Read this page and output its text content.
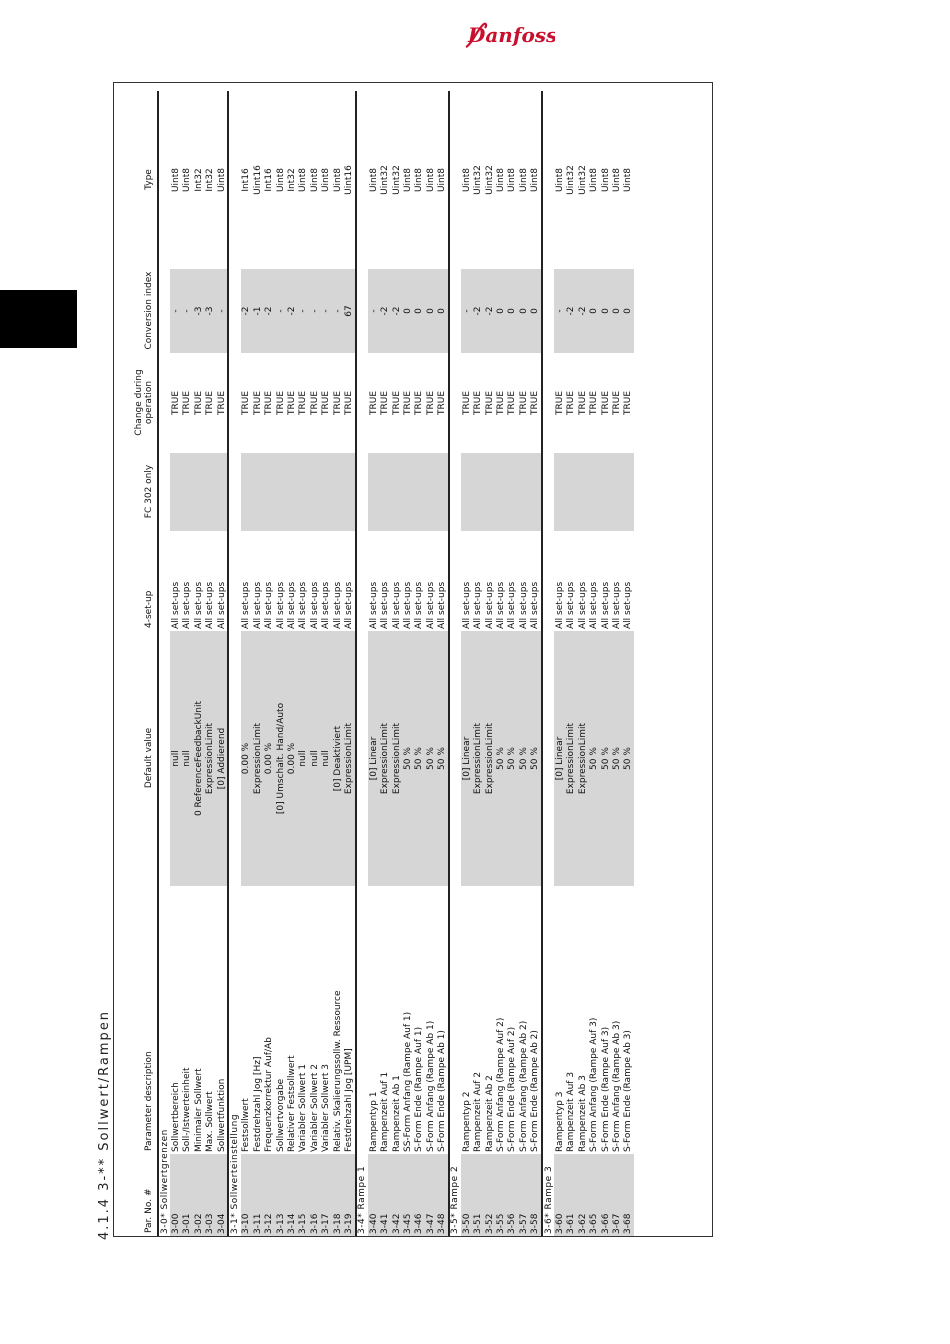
Danfoss
4.1.4 3-** Sollwert/Rampen	Par. No. #	Parameter description	Default value	4-set-up	FC 302 only	Change during operation	Conversion index	Type
3-0* Sollwertgrenzen							
3-00	Sollwertbereich	null	All set-ups		TRUE	-	Uint8
3-01	Soll-/Istwerteinheit	null	All set-ups		TRUE	-	Uint8
3-02	Minimaler Sollwert	0 ReferenceFeedbackUnit	All set-ups		TRUE	-3	Int32
3-03	Max. Sollwert	ExpressionLimit	All set-ups		TRUE	-3	Int32
3-04	Sollwertfunktion	[0] Addierend	All set-ups		TRUE	-	Uint8
3-1* Sollwerteinstellung							
3-10	Festsollwert	0.00 %	All set-ups		TRUE	-2	Int16
3-11	Festdrehzahl Jog [Hz]	ExpressionLimit	All set-ups		TRUE	-1	Uint16
3-12	Frequenzkorrektur Auf/Ab	0.00 %	All set-ups		TRUE	-2	Int16
3-13	Sollwertvorgabe	[0] Umschalt. Hand/Auto	All set-ups		TRUE	-	Uint8
3-14	Relativer Festsollwert	0.00 %	All set-ups		TRUE	-2	Int32
3-15	Variabler Sollwert 1	null	All set-ups		TRUE	-	Uint8
3-16	Variabler Sollwert 2	null	All set-ups		TRUE	-	Uint8
3-17	Variabler Sollwert 3	null	All set-ups		TRUE	-	Uint8
3-18	Relativ. Skalierungssollw. Ressource	[0] Deaktiviert	All set-ups		TRUE	-	Uint8
3-19	Festdrehzahl Jog [UPM]	ExpressionLimit	All set-ups		TRUE	67	Uint16
3-4* Rampe 1							
3-40	Rampentyp 1	[0] Linear	All set-ups		TRUE	-	Uint8
3-41	Rampenzeit Auf 1	ExpressionLimit	All set-ups		TRUE	-2	Uint32
3-42	Rampenzeit Ab 1	ExpressionLimit	All set-ups		TRUE	-2	Uint32
3-45	SS-Form Anfang (Rampe Auf 1)	50 %	All set-ups		TRUE	0	Uint8
3-46	S-Form Ende (Rampe Auf 1)	50 %	All set-ups		TRUE	0	Uint8
3-47	S-Form Anfang (Rampe Ab 1)	50 %	All set-ups		TRUE	0	Uint8
3-48	S-Form Ende (Rampe Ab 1)	50 %	All set-ups		TRUE	0	Uint8
3-5* Rampe 2							
3-50	Rampentyp 2	[0] Linear	All set-ups		TRUE	-	Uint8
3-51	Rampenzeit Auf 2	ExpressionLimit	All set-ups		TRUE	-2	Uint32
3-52	Rampenzeit Ab 2	ExpressionLimit	All set-ups		TRUE	-2	Uint32
3-55	S-Form Anfang (Rampe Auf 2)	50 %	All set-ups		TRUE	0	Uint8
3-56	S-Form Ende (Rampe Auf 2)	50 %	All set-ups		TRUE	0	Uint8
3-57	S-Form Anfang (Rampe Ab 2)	50 %	All set-ups		TRUE	0	Uint8
3-58	S-Form Ende (Rampe Ab 2)	50 %	All set-ups		TRUE	0	Uint8
3-6* Rampe 3							
3-60	Rampentyp 3	[0] Linear	All set-ups		TRUE	-	Uint8
3-61	Rampenzeit Auf 3	ExpressionLimit	All set-ups		TRUE	-2	Uint32
3-62	Rampenzeit Ab 3	ExpressionLimit	All set-ups		TRUE	-2	Uint32
3-65	S-Form Anfang (Rampe Auf 3)	50 %	All set-ups		TRUE	0	Uint8
3-66	S-Form Ende (Rampe Auf 3)	50 %	All set-ups		TRUE	0	Uint8
3-67	S-Form Anfang (Rampe Ab 3)	50 %	All set-ups		TRUE	0	Uint8
3-68	S-Form Ende (Rampe Ab 3)	50 %	All set-ups		TRUE	0	Uint8
